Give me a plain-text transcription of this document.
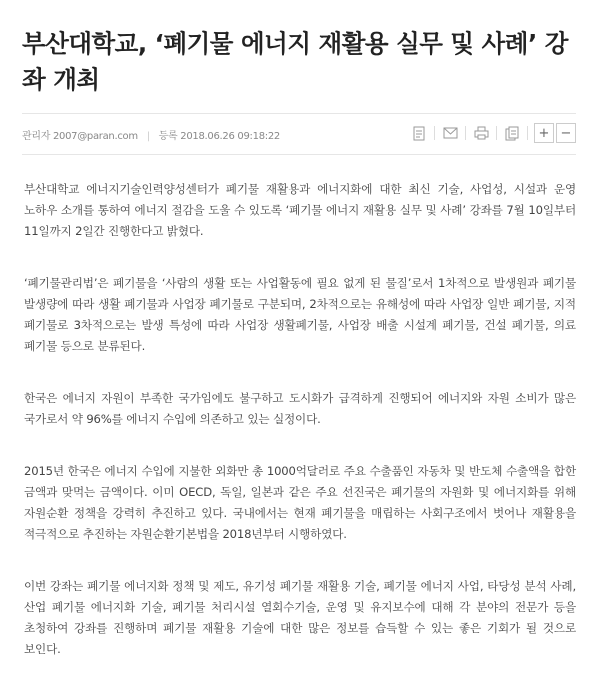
부산대학교, ‘폐기물 에너지 재활용 실무 및 사례’ 강
좌 개최
관리자 2007@paran.com | 등록 2018.06.26 09:18:22	+ −

부산대학교 에너지기술인력양성센터가 폐기물 재활용과 에너지화에 대한 최신 기술, 사업성, 시설과 운영 노하우 소개를 통하여 에너지 절감을 도울 수 있도록 ‘폐기물 에너지 재활용 실무 및 사례’ 강좌를 7월 10일부터 11일까지 2일간 진행한다고 밝혔다.

‘폐기물관리법’은 폐기물을 ‘사람의 생활 또는 사업활동에 필요 없게 된 물질’로서 1차적으로 발생원과 폐기물 발생량에 따라 생활 폐기물과 사업장 폐기물로 구분되며, 2차적으로는 유해성에 따라 사업장 일반 폐기물, 지적 폐기물로 3차적으로는 발생 특성에 따라 사업장 생활폐기물, 사업장 배출 시설계 폐기물, 건설 폐기물, 의료 폐기물 등으로 분류된다.

한국은 에너지 자원이 부족한 국가임에도 불구하고 도시화가 급격하게 진행되어 에너지와 자원 소비가 많은 국가로서 약 96%를 에너지 수입에 의존하고 있는 실정이다.

2015년 한국은 에너지 수입에 지불한 외화만 총 1000억달러로 주요 수출품인 자동차 및 반도체 수출액을 합한 금액과 맞먹는 금액이다. 이미 OECD, 독일, 일본과 같은 주요 선진국은 폐기물의 자원화 및 에너지화를 위해 자원순환 정책을 강력히 추진하고 있다. 국내에서는 현재 폐기물을 매립하는 사회구조에서 벗어나 재활용을 적극적으로 추진하는 자원순환기본법을 2018년부터 시행하였다.

이번 강좌는 폐기물 에너지화 정책 및 제도, 유기성 폐기물 재활용 기술, 폐기물 에너지 사업, 타당성 분석 사례, 산업 폐기물 에너지화 기술, 폐기물 처리시설 열회수기술, 운영 및 유지보수에 대해 각 분야의 전문가 등을 초청하여 강좌를 진행하며 폐기물 재활용 기술에 대한 많은 정보를 습득할 수 있는 좋은 기회가 될 것으로 보인다.
